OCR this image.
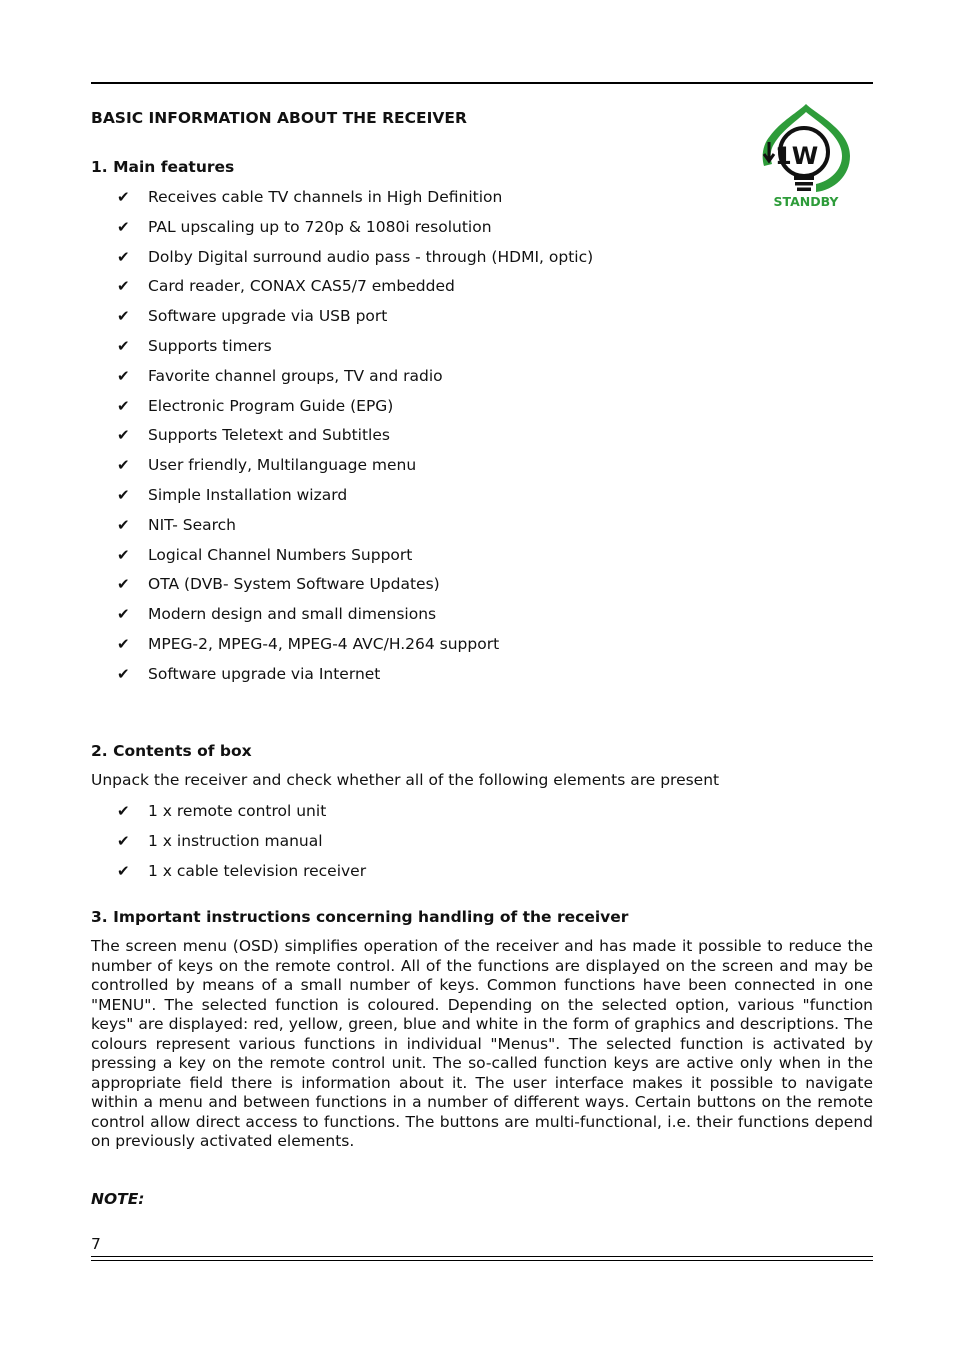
BASIC INFORMATION ABOUT THE RECEIVER
1W
STANDBY
1. Main features
✔	Receives cable TV channels in High Definition
✔	PAL upscaling up to 720p & 1080i resolution
✔	Dolby Digital surround audio pass - through (HDMI, optic)
✔	Card reader, CONAX CAS5/7 embedded
✔	Software upgrade via USB port
✔	Supports timers
✔	Favorite channel groups, TV and radio
✔	Electronic Program Guide (EPG)
✔	Supports Teletext and Subtitles
✔	User friendly, Multilanguage menu
✔	Simple Installation wizard
✔	NIT- Search
✔	Logical Channel Numbers Support
✔	OTA (DVB- System Software Updates)
✔	Modern design and small dimensions
✔	MPEG-2, MPEG-4, MPEG-4 AVC/H.264 support
✔	Software upgrade via Internet
2. Contents of box

Unpack the receiver and check whether all of the following elements are present

✔	1 x remote control unit
✔	1 x instruction manual
✔	1 x cable television receiver
3. Important instructions concerning handling of the receiver

The screen menu (OSD) simplifies operation of the receiver and has made it possible to reduce the number of keys on the remote control. All of the functions are displayed on the screen and may be controlled by means of a small number of keys. Common functions have been connected in one "MENU". The selected function is coloured. Depending on the selected option, various "function keys" are displayed: red, yellow, green, blue and white in the form of graphics and descriptions. The colours represent various functions in individual "Menus". The selected function is activated by pressing a key on the remote control unit. The so-called function keys are active only when in the appropriate field there is information about it. The user interface makes it possible to navigate within a menu and between functions in a number of different ways. Certain buttons on the remote control allow direct access to functions. The buttons are multi-functional, i.e. their functions depend on previously activated elements.

NOTE:

7
